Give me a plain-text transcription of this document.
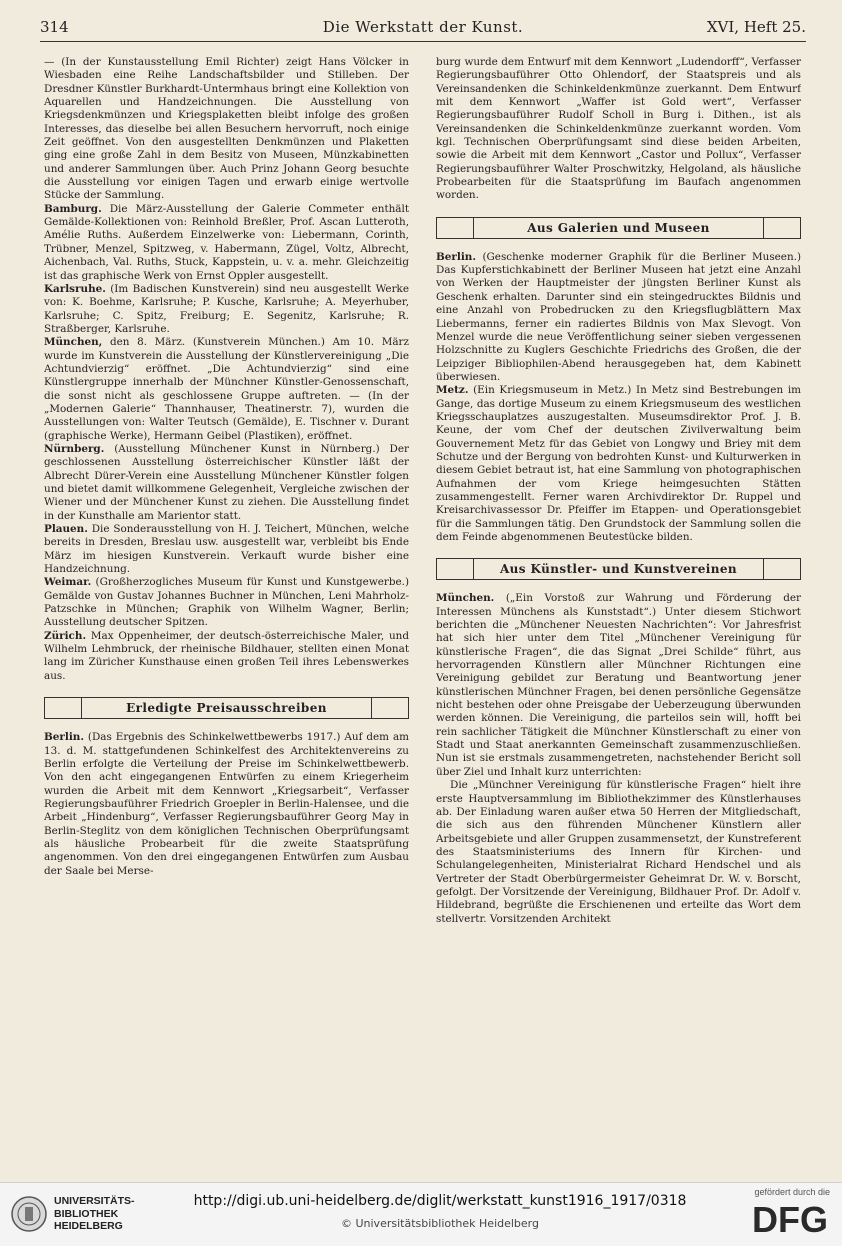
314	Die Werkstatt der Kunst.	XVI, Heft 25.

— (In der Kunstausstellung Emil Richter) zeigt Hans Völcker in Wiesbaden eine Reihe Landschaftsbilder und Stilleben. Der Dresdner Künstler Burkhardt-Untermhaus bringt eine Kollektion von Aquarellen und Handzeichnungen. Die Ausstellung von Kriegsdenkmünzen und Kriegsplaketten bleibt infolge des großen Interesses, das dieselbe bei allen Besuchern hervorruft, noch einige Zeit geöffnet. Von den ausgestellten Denkmünzen und Plaketten ging eine große Zahl in dem Besitz von Museen, Münzkabinetten und anderer Sammlungen über. Auch Prinz Johann Georg besuchte die Ausstellung vor einigen Tagen und erwarb einige wertvolle Stücke der Sammlung.

Bamburg. Die März-Ausstellung der Galerie Commeter enthält Gemälde-Kollektionen von: Reinhold Breßler, Prof. Ascan Lutteroth, Amélie Ruths. Außerdem Einzelwerke von: Liebermann, Corinth, Trübner, Menzel, Spitzweg, v. Habermann, Zügel, Voltz, Albrecht, Aichenbach, Val. Ruths, Stuck, Kappstein, u. v. a. mehr. Gleichzeitig ist das graphische Werk von Ernst Oppler ausgestellt.

Karlsruhe. (Im Badischen Kunstverein) sind neu ausgestellt Werke von: K. Boehme, Karlsruhe; P. Kusche, Karlsruhe; A. Meyerhuber, Karlsruhe; C. Spitz, Freiburg; E. Segenitz, Karlsruhe; R. Straßberger, Karlsruhe.

München, den 8. März. (Kunstverein München.) Am 10. März wurde im Kunstverein die Ausstellung der Künstlervereinigung „Die Achtundvierzig“ eröffnet. „Die Achtundvierzig“ sind eine Künstlergruppe innerhalb der Münchner Künstler-Genossenschaft, die sonst nicht als geschlossene Gruppe auftreten. — (In der „Modernen Galerie“ Thannhauser, Theatinerstr. 7), wurden die Ausstellungen von: Walter Teutsch (Gemälde), E. Tischner v. Durant (graphische Werke), Hermann Geibel (Plastiken), eröffnet.

Nürnberg. (Ausstellung Münchener Kunst in Nürnberg.) Der geschlossenen Ausstellung österreichischer Künstler läßt der Albrecht Dürer-Verein eine Ausstellung Münchener Künstler folgen und bietet damit willkommene Gelegenheit, Vergleiche zwischen der Wiener und der Münchener Kunst zu ziehen. Die Ausstellung findet in der Kunsthalle am Marientor statt.

Plauen. Die Sonderausstellung von H. J. Teichert, München, welche bereits in Dresden, Breslau usw. ausgestellt war, verbleibt bis Ende März im hiesigen Kunstverein. Verkauft wurde bisher eine Handzeichnung.

Weimar. (Großherzogliches Museum für Kunst und Kunstgewerbe.) Gemälde von Gustav Johannes Buchner in München, Leni Mahrholz-Patzschke in München; Graphik von Wilhelm Wagner, Berlin; Ausstellung deutscher Spitzen.

Zürich. Max Oppenheimer, der deutsch-österreichische Maler, und Wilhelm Lehmbruck, der rheinische Bildhauer, stellten einen Monat lang im Züricher Kunsthause einen großen Teil ihres Lebenswerkes aus.

Erledigte Preisausschreiben

Berlin. (Das Ergebnis des Schinkelwettbewerbs 1917.) Auf dem am 13. d. M. stattgefundenen Schinkelfest des Architektenvereins zu Berlin erfolgte die Verteilung der Preise im Schinkelwettbewerb. Von den acht eingegangenen Entwürfen zu einem Kriegerheim wurden die Arbeit mit dem Kennwort „Kriegsarbeit“, Verfasser Regierungsbauführer Friedrich Groepler in Berlin-Halensee, und die Arbeit „Hindenburg“, Verfasser Regierungsbauführer Georg May in Berlin-Steglitz von dem königlichen Technischen Oberprüfungsamt als häusliche Probearbeit für die zweite Staatsprüfung angenommen. Von den drei eingegangenen Entwürfen zum Ausbau der Saale bei Merse-

burg wurde dem Entwurf mit dem Kennwort „Ludendorff“, Verfasser Regierungsbauführer Otto Ohlendorf, der Staatspreis und als Vereinsandenken die Schinkeldenkmünze zuerkannt. Dem Entwurf mit dem Kennwort „Waffer ist Gold wert“, Verfasser Regierungsbauführer Rudolf Scholl in Burg i. Dithen., ist als Vereinsandenken die Schinkeldenkmünze zuerkannt worden. Vom kgl. Technischen Oberprüfungsamt sind diese beiden Arbeiten, sowie die Arbeit mit dem Kennwort „Castor und Pollux“, Verfasser Regierungsbauführer Walter Proschwitzky, Helgoland, als häusliche Probearbeiten für die Staatsprüfung im Baufach angenommen worden.

Aus Galerien und Museen

Berlin. (Geschenke moderner Graphik für die Berliner Museen.) Das Kupferstichkabinett der Berliner Museen hat jetzt eine Anzahl von Werken der Hauptmeister der jüngsten Berliner Kunst als Geschenk erhalten. Darunter sind ein steingedrucktes Bildnis und eine Anzahl von Probedrucken zu den Kriegsflugblättern Max Liebermanns, ferner ein radiertes Bildnis von Max Slevogt. Von Menzel wurde die neue Veröffentlichung seiner sieben vergessenen Holzschnitte zu Kuglers Geschichte Friedrichs des Großen, die der Leipziger Bibliophilen-Abend herausgegeben hat, dem Kabinett überwiesen.

Metz. (Ein Kriegsmuseum in Metz.) In Metz sind Bestrebungen im Gange, das dortige Museum zu einem Kriegsmuseum des westlichen Kriegsschauplatzes auszugestalten. Museumsdirektor Prof. J. B. Keune, der vom Chef der deutschen Zivilverwaltung beim Gouvernement Metz für das Gebiet von Longwy und Briey mit dem Schutze und der Bergung von bedrohten Kunst- und Kulturwerken in diesem Gebiet betraut ist, hat eine Sammlung von photographischen Aufnahmen der vom Kriege heimgesuchten Stätten zusammengestellt. Ferner waren Archivdirektor Dr. Ruppel und Kreisarchivassessor Dr. Pfeiffer im Etappen- und Operationsgebiet für die Sammlungen tätig. Den Grundstock der Sammlung sollen die dem Feinde abgenommenen Beutestücke bilden.

Aus Künstler- und Kunstvereinen

München. („Ein Vorstoß zur Wahrung und Förderung der Interessen Münchens als Kunststadt“.) Unter diesem Stichwort berichten die „Münchener Neuesten Nachrichten“: Vor Jahresfrist hat sich hier unter dem Titel „Münchener Vereinigung für künstlerische Fragen“, die das Signat „Drei Schilde“ führt, aus hervorragenden Künstlern aller Münchner Richtungen eine Vereinigung gebildet zur Beratung und Beantwortung jener künstlerischen Münchner Fragen, bei denen persönliche Gegensätze nicht bestehen oder ohne Preisgabe der Ueberzeugung überwunden werden können. Die Vereinigung, die parteilos sein will, hofft bei rein sachlicher Tätigkeit die Münchner Künstlerschaft zu einer von Stadt und Staat anerkannten Gemeinschaft zusammenzuschließen. Nun ist sie erstmals zusammengetreten, nachstehender Bericht soll über Ziel und Inhalt kurz unterrichten:

Die „Münchner Vereinigung für künstlerische Fragen“ hielt ihre erste Hauptversammlung im Bibliothekzimmer des Künstlerhauses ab. Der Einladung waren außer etwa 50 Herren der Mitgliedschaft, die sich aus den führenden Münchener Künstlern aller Arbeitsgebiete und aller Gruppen zusammensetzt, der Kunstreferent des Staatsministeriums des Innern für Kirchen- und Schulangelegenheiten, Ministerialrat Richard Hendschel und als Vertreter der Stadt Oberbürgermeister Geheimrat Dr. W. v. Borscht, gefolgt. Der Vorsitzende der Vereinigung, Bildhauer Prof. Dr. Adolf v. Hildebrand, begrüßte die Erschienenen und erteilte das Wort dem stellvertr. Vorsitzenden Architekt

UNIVERSITÄTS-
BIBLIOTHEK
HEIDELBERG
http://digi.ub.uni-heidelberg.de/diglit/werkstatt_kunst1916_1917/0318
© Universitätsbibliothek Heidelberg
gefördert durch die
DFG
